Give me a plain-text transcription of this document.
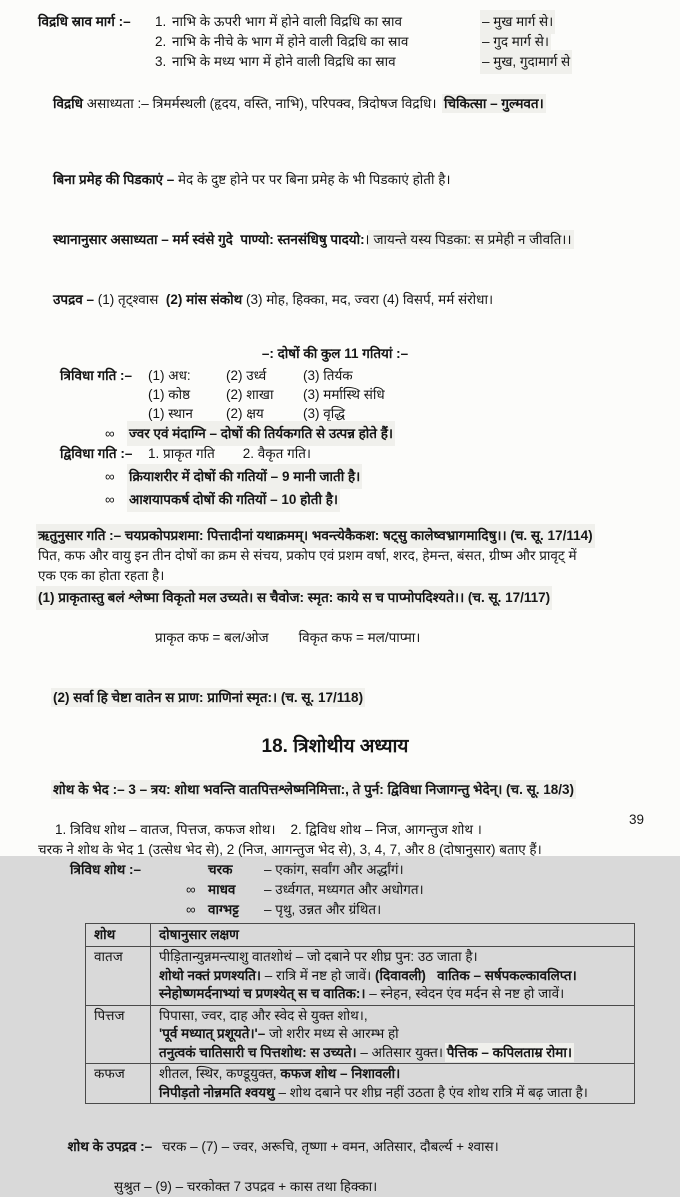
विद्रधि स्राव मार्ग :–	1. नाभि के ऊपरी भाग में होने वाली विद्रधि का स्राव	– मुख मार्ग से।
2. नाभि के नीचे के भाग में होने वाली विद्रधि का स्राव	– गुद मार्ग से।
3. नाभि के मध्य भाग में होने वाली विद्रधि का स्राव	– मुख, गुदामार्ग से

विद्रधि असाध्यता :– त्रिमर्मस्थली (हृदय, वस्ति, नाभि), परिपक्व, त्रिदोषज विद्रधि।  चिकित्सा – गुल्मवत।

बिना प्रमेह की पिडकाएं – मेद के दुष्ट होने पर पर बिना प्रमेह के भी पिडकाएं होती है।

स्थानानुसार असाध्यता – मर्म स्वंसे गुदे  पाण्यो: स्तनसंधिषु पादयो:। जायन्ते यस्य पिडका: स प्रमेही न जीवति।।

उपद्रव – (1) तृट्श्वास  (2) मांस संकोथ (3) मोह, हिक्का, मद, ज्वरा (4) विसर्प, मर्म संरोधा।

–: दोषों की कुल 11 गतियां :–
त्रिविधा गति :–	(1) अध:	(2) उर्ध्व	(3) तिर्यक
(1) कोष्ठ	(2) शाखा (3) मर्मास्थि संधि
(1) स्थान (2) क्षय	(3) वृद्धि
∞	ज्वर एवं मंदाग्नि – दोषों की तिर्यकगति से उत्पन्न होते हैं।
द्विविधा गति :–	1. प्राकृत गति 2. वैकृत गति।
∞	क्रियाशरीर में दोषों की गतियों – 9 मानी जाती है।
∞	आशयापकर्ष दोषों की गतियों – 10 होती है।
ऋतुनुसार गति :– चयप्रकोपप्रशमा: पित्तादीनां यथाक्रमम्। भवन्त्येकैकश: षट्सु कालेष्वभ्रागमादिषु।। (च. सू. 17/114)
पित, कफ और वायु इन तीन दोषों का क्रम से संचय, प्रकोप एवं प्रशम वर्षा, शरद, हेमन्त, बंसत, ग्रीष्म और प्रावृट् में
एक एक का होता रहता है।
(1) प्राकृतास्तु बलं श्लेष्मा विकृतो मल उच्यते। स चैवोज: स्मृत: काये स च पाप्मोपदिश्यते।। (च. सू. 17/117)

प्राकृत कफ = बल/ओज विकृत कफ = मल/पाप्मा।

(2) सर्वा हि चेष्टा वातेन स प्राण: प्राणिनां स्मृत:। (च. सू. 17/118)

18. त्रिशोथीय अध्याय

शोथ के भेद :– 3 – त्रय: शोथा भवन्ति वातपित्तश्लेष्मनिमित्ता:, ते पुर्न: द्विविधा निजागन्तु भेदेन्। (च. सू. 18/3)

1. त्रिविध शोथ – वातज, पित्तज, कफज शोथ।    2. द्विविध शोथ – निज, आगन्तुज शोथ ।
चरक ने शोथ के भेद 1 (उत्सेध भेद से), 2 (निज, आगन्तुज भेद से), 3, 4, 7, और 8 (दोषानुसार) बताए हैं।
त्रिविध शोथ :–	चरक	– एकांग, सर्वांग और अर्द्धांगं।
∞ माधव	– उर्ध्वगत, मध्यगत और अधोगत।
∞ वाग्भट्ट	– पृथु, उन्नत और ग्रंथित।
शोथ	दोषानुसार लक्षण

वातज	पीड़ितान्युन्नमन्त्याशु वातशोथं – जो दबाने पर शीघ्र पुन: उठ जाता है।
शोथो नक्तं प्रणश्यति। – रात्रि में नष्ट हो जावें। (दिवावली) वातिक – सर्षपकल्कावलिप्त।
स्नेहोष्णमर्दनाभ्यां च प्रणश्येत् स च वातिक:। – स्नेहन, स्वेदन एंव मर्दन से नष्ट हो जावें।

पित्तज	पिपासा, ज्वर, दाह और स्वेद से युक्त शोथ।,
'पूर्व मध्यात् प्रशूयते।'– जो शरीर मध्य से आरम्भ हो
तनुत्वकं चातिसारी च पित्तशोथ: स उच्यते। – अतिसार युक्त। पैत्तिक – कपिलताम्र रोमा।

कफज	शीतल, स्थिर, कण्डूयुक्त, कफज शोथ – निशावली।
निपीड़तो नोन्नमति श्वयथु – शोथ दबाने पर शीघ्र नहीं उठता है एंव शोथ रात्रि में बढ़ जाता है।

शोथ के उपद्रव :– चरक – (7) – ज्वर, अरूचि, तृष्णा + वमन, अतिसार, दौबर्ल्य + श्वास।

सुश्रुत – (9) – चरकोक्त 7 उपद्रव + कास तथा हिक्का।
39
